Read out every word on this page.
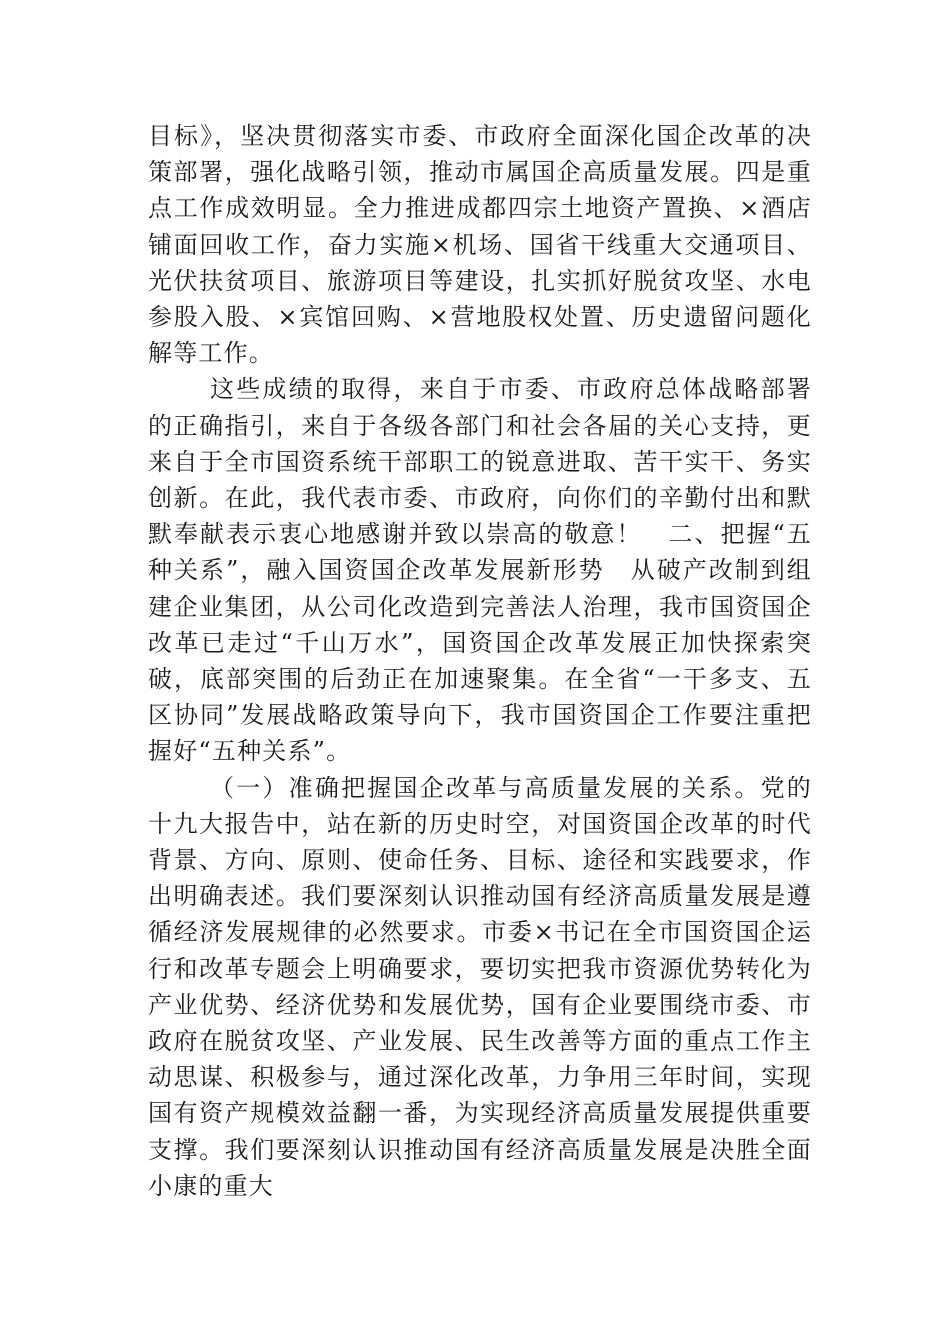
目标》，坚决贯彻落实市委、市政府全面深化国企改革的决策部署，强化战略引领，推动市属国企高质量发展。四是重点工作成效明显。全力推进成都四宗土地资产置换、×酒店铺面回收工作，奋力实施×机场、国省干线重大交通项目、光伏扶贫项目、旅游项目等建设，扎实抓好脱贫攻坚、水电参股入股、×宾馆回购、×营地股权处置、历史遗留问题化解等工作。

这些成绩的取得，来自于市委、市政府总体战略部署的正确指引，来自于各级各部门和社会各届的关心支持，更来自于全市国资系统干部职工的锐意进取、苦干实干、务实创新。在此，我代表市委、市政府，向你们的辛勤付出和默默奉献表示衷心地感谢并致以崇高的敬意！　二、把握“五种关系”，融入国资国企改革发展新形势　从破产改制到组建企业集团，从公司化改造到完善法人治理，我市国资国企改革已走过“千山万水”，国资国企改革发展正加快探索突破，底部突围的后劲正在加速聚集。在全省“一干多支、五区协同”发展战略政策导向下，我市国资国企工作要注重把握好“五种关系”。

（一）准确把握国企改革与高质量发展的关系。党的十九大报告中，站在新的历史时空，对国资国企改革的时代背景、方向、原则、使命任务、目标、途径和实践要求，作出明确表述。我们要深刻认识推动国有经济高质量发展是遵循经济发展规律的必然要求。市委×书记在全市国资国企运行和改革专题会上明确要求，要切实把我市资源优势转化为产业优势、经济优势和发展优势，国有企业要围绕市委、市政府在脱贫攻坚、产业发展、民生改善等方面的重点工作主动思谋、积极参与，通过深化改革，力争用三年时间，实现国有资产规模效益翻一番，为实现经济高质量发展提供重要支撑。我们要深刻认识推动国有经济高质量发展是决胜全面小康的重大
